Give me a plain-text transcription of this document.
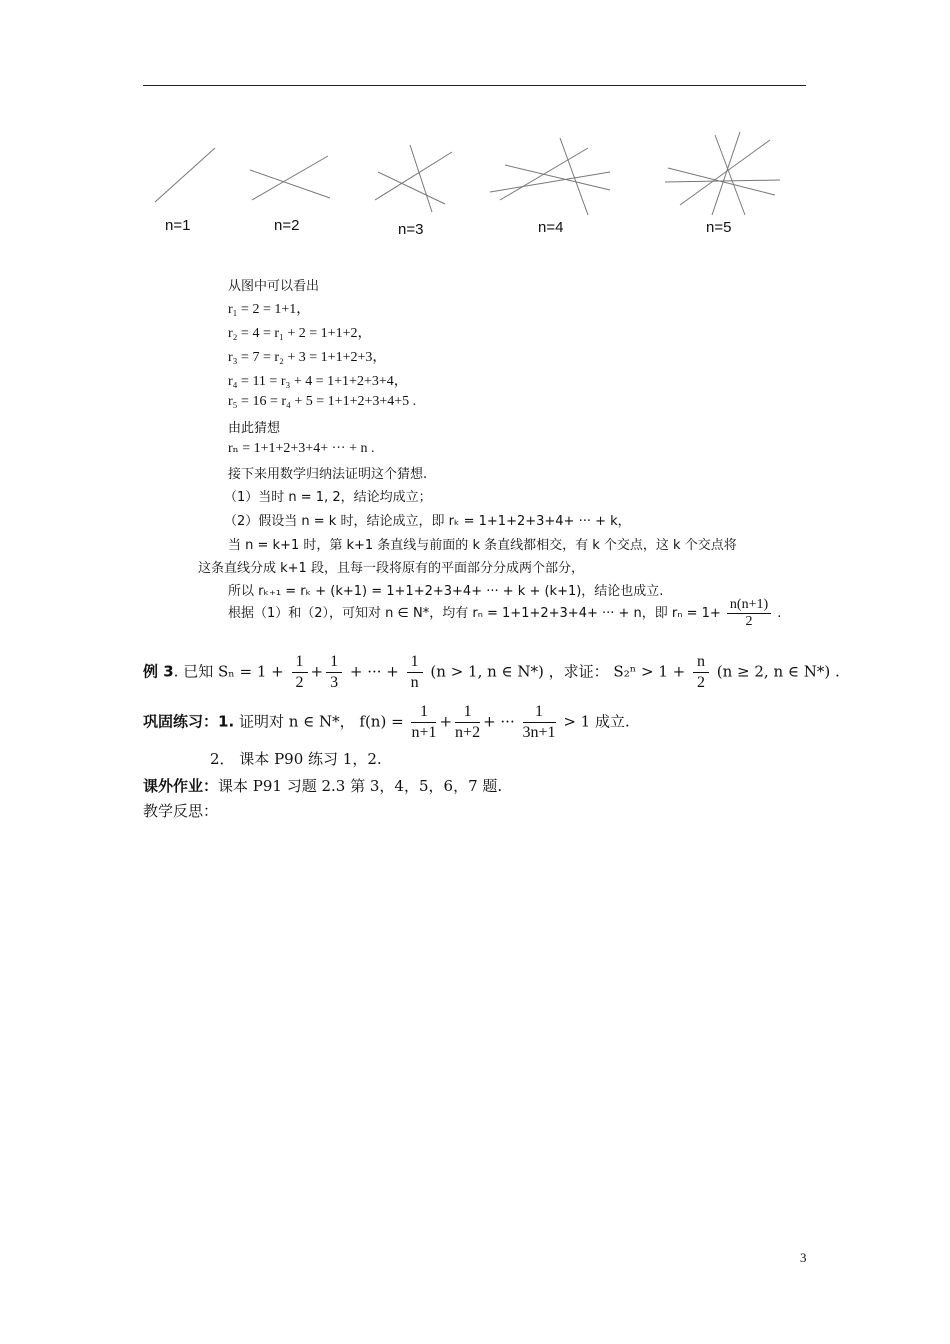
n=1	n=2	n=3	n=4	n=5
从图中可以看出
r₁ = 2 = 1+1，
r₂ = 4 = r₁ + 2 = 1+1+2，
r₃ = 7 = r₂ + 3 = 1+1+2+3，
r₄ = 11 = r₃ + 4 = 1+1+2+3+4，
r₅ = 16 = r₄ + 5 = 1+1+2+3+4+5 .
由此猜想
rₙ = 1+1+2+3+4+ ··· + n .
接下来用数学归纳法证明这个猜想.
（1）当时 n = 1, 2，结论均成立；
（2）假设当 n = k 时，结论成立，即 rₖ = 1+1+2+3+4+ ··· + k，
当 n = k+1 时，第 k+1 条直线与前面的 k 条直线都相交，有 k 个交点，这 k 个交点将
这条直线分成 k+1 段，且每一段将原有的平面部分分成两个部分，
所以 rₖ₊₁ = rₖ + (k+1) = 1+1+2+3+4+ ··· + k + (k+1)，结论也成立.
根据（1）和（2），可知对 n ∈ N*，均有 rₙ = 1+1+2+3+4+ ··· + n，即 $r_n = 1+ \frac{n(n+1)}{2}$ .
例 3. 已知 $S_n = 1 + \frac{1}{2} + \frac{1}{3}$ + ··· + $\frac{1}{n} (n > 1$, n ∈ N*) ，求证： $S_2^n > 1 + \frac{n}{2} (n \ge 2$, n ∈ N*) .
巩固练习：1. 证明对 n ∈ N*， $f(n) = \frac{1}{n+1} + \frac{1}{n+2}$ + ··· $\frac{1}{3n+1} > 1$ 成立.
2． 课本 P90 练习 1，2.
课外作业：课本 P91 习题 2.3 第 3，4，5，6，7 题.
教学反思：
3
